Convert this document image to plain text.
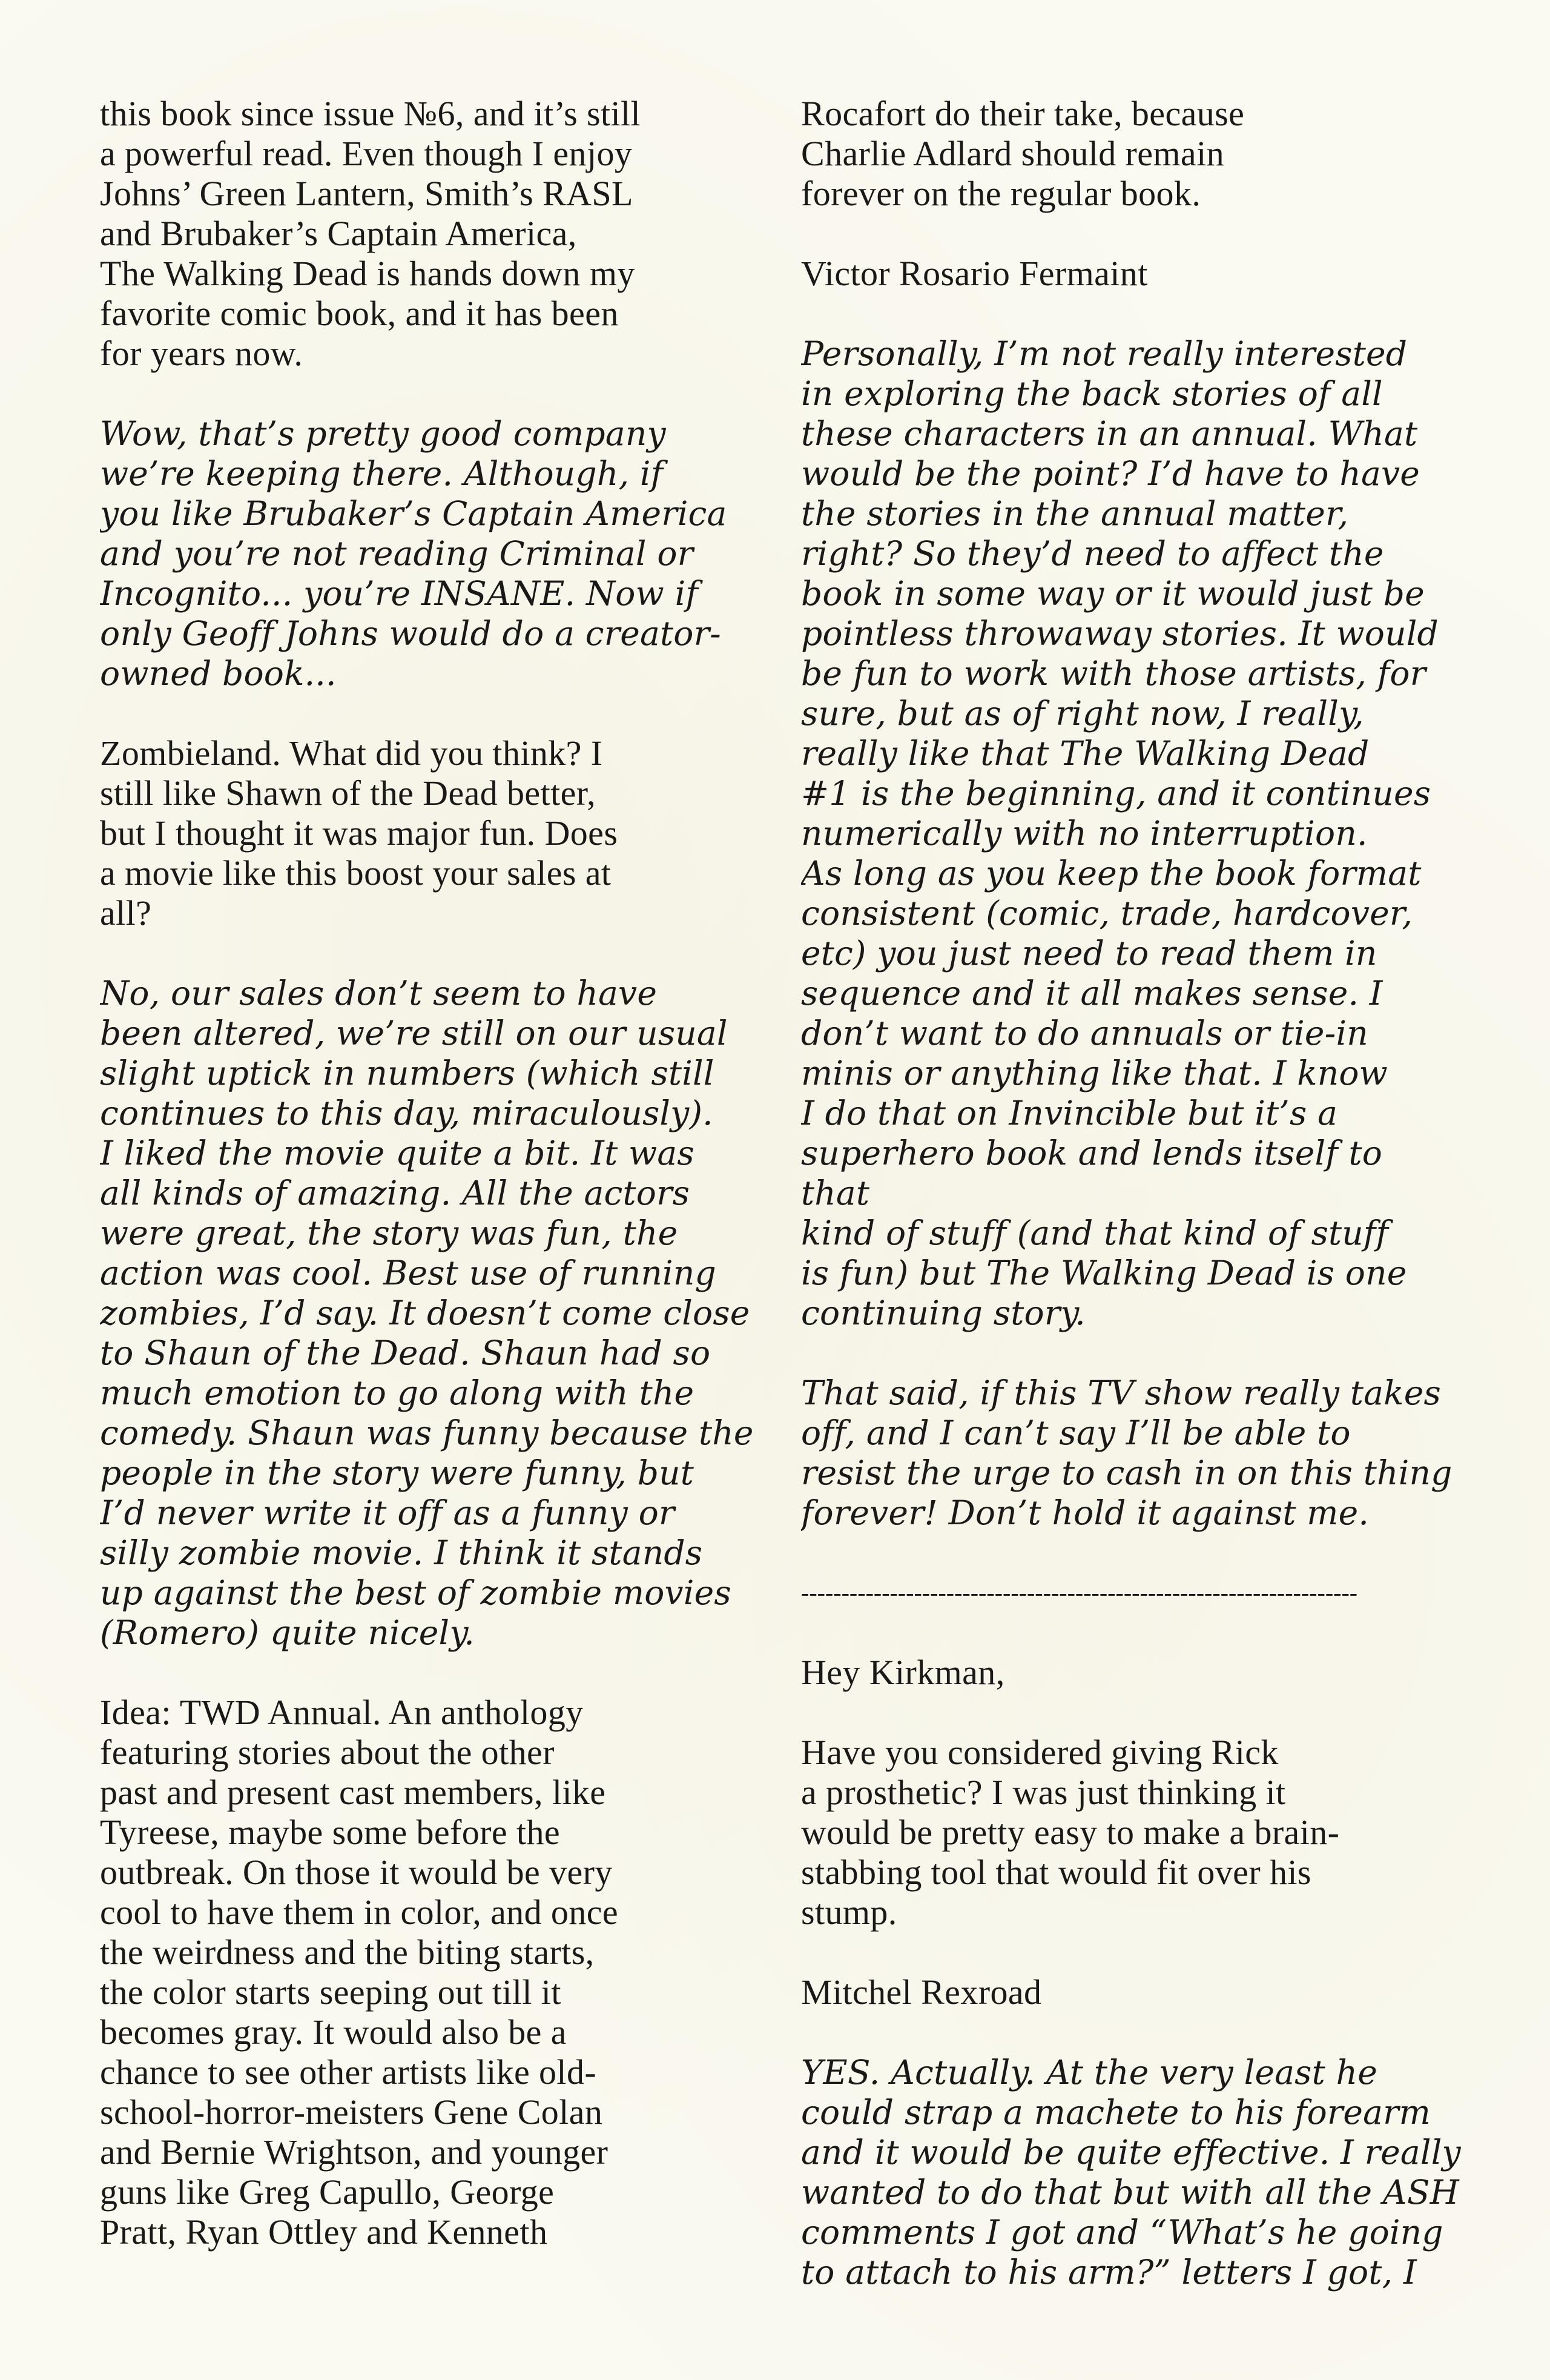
this book since issue №6, and it’s still
a powerful read. Even though I enjoy
Johns’ Green Lantern, Smith’s RASL
and Brubaker’s Captain America,
The Walking Dead is hands down my
favorite comic book, and it has been
for years now.

Wow, that’s pretty good company
we’re keeping there. Although, if
you like Brubaker’s Captain America
and you’re not reading Criminal or
Incognito... you’re INSANE. Now if
only Geoff Johns would do a creator-
owned book...

Zombieland. What did you think? I
still like Shawn of the Dead better,
but I thought it was major fun. Does
a movie like this boost your sales at
all?

No, our sales don’t seem to have
been altered, we’re still on our usual
slight uptick in numbers (which still
continues to this day, miraculously).
I liked the movie quite a bit. It was
all kinds of amazing. All the actors
were great, the story was fun, the
action was cool. Best use of running
zombies, I’d say. It doesn’t come close
to Shaun of the Dead. Shaun had so
much emotion to go along with the
comedy. Shaun was funny because the
people in the story were funny, but
I’d never write it off as a funny or
silly zombie movie. I think it stands
up against the best of zombie movies
(Romero) quite nicely.

Idea: TWD Annual. An anthology
featuring stories about the other
past and present cast members, like
Tyreese, maybe some before the
outbreak. On those it would be very
cool to have them in color, and once
the weirdness and the biting starts,
the color starts seeping out till it
becomes gray. It would also be a
chance to see other artists like old-
school-horror-meisters Gene Colan
and Bernie Wrightson, and younger
guns like Greg Capullo, George
Pratt, Ryan Ottley and Kenneth

Rocafort do their take, because
Charlie Adlard should remain
forever on the regular book.

Victor Rosario Fermaint

Personally, I’m not really interested
in exploring the back stories of all
these characters in an annual. What
would be the point? I’d have to have
the stories in the annual matter,
right? So they’d need to affect the
book in some way or it would just be
pointless throwaway stories. It would
be fun to work with those artists, for
sure, but as of right now, I really,
really like that The Walking Dead
#1 is the beginning, and it continues
numerically with no interruption.
As long as you keep the book format
consistent (comic, trade, hardcover,
etc) you just need to read them in
sequence and it all makes sense. I
don’t want to do annuals or tie-in
minis or anything like that. I know
I do that on Invincible but it’s a
superhero book and lends itself to that
kind of stuff (and that kind of stuff
is fun) but The Walking Dead is one
continuing story.

That said, if this TV show really takes
off, and I can’t say I’ll be able to
resist the urge to cash in on this thing
forever! Don’t hold it against me.

---------------------------------------------------------------------

Hey Kirkman,

Have you considered giving Rick
a prosthetic? I was just thinking it
would be pretty easy to make a brain-
stabbing tool that would fit over his
stump.

Mitchel Rexroad

YES. Actually. At the very least he
could strap a machete to his forearm
and it would be quite effective. I really
wanted to do that but with all the ASH
comments I got and “What’s he going
to attach to his arm?” letters I got, I
